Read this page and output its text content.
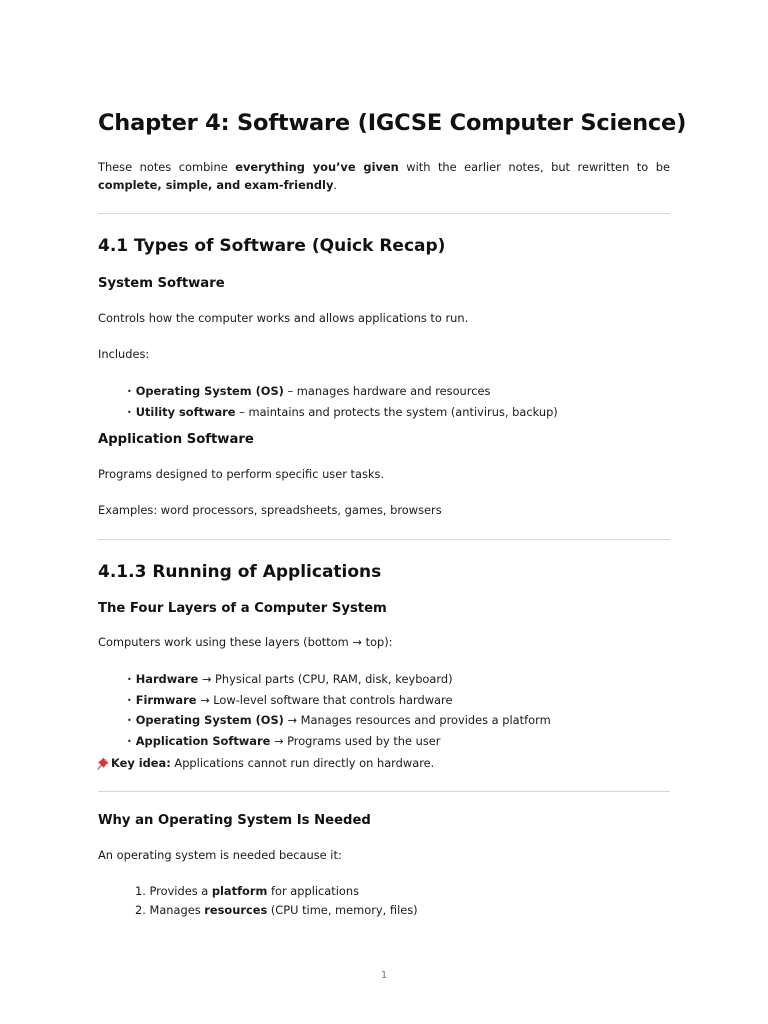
Chapter 4: Software (IGCSE Computer Science)

These notes combine everything you’ve given with the earlier notes, but rewritten to be complete, simple, and exam-friendly.

4.1 Types of Software (Quick Recap)
System Software

Controls how the computer works and allows applications to run.

Includes:

• Operating System (OS) – manages hardware and resources
• Utility software – maintains and protects the system (antivirus, backup)
Application Software

Programs designed to perform specific user tasks.

Examples: word processors, spreadsheets, games, browsers

4.1.3 Running of Applications
The Four Layers of a Computer System

Computers work using these layers (bottom → top):

• Hardware → Physical parts (CPU, RAM, disk, keyboard)
• Firmware → Low-level software that controls hardware
• Operating System (OS) → Manages resources and provides a platform
• Application Software → Programs used by the user

Key idea: Applications cannot run directly on hardware.

Why an Operating System Is Needed

An operating system is needed because it:

1. Provides a platform for applications
2. Manages resources (CPU time, memory, files)
1
